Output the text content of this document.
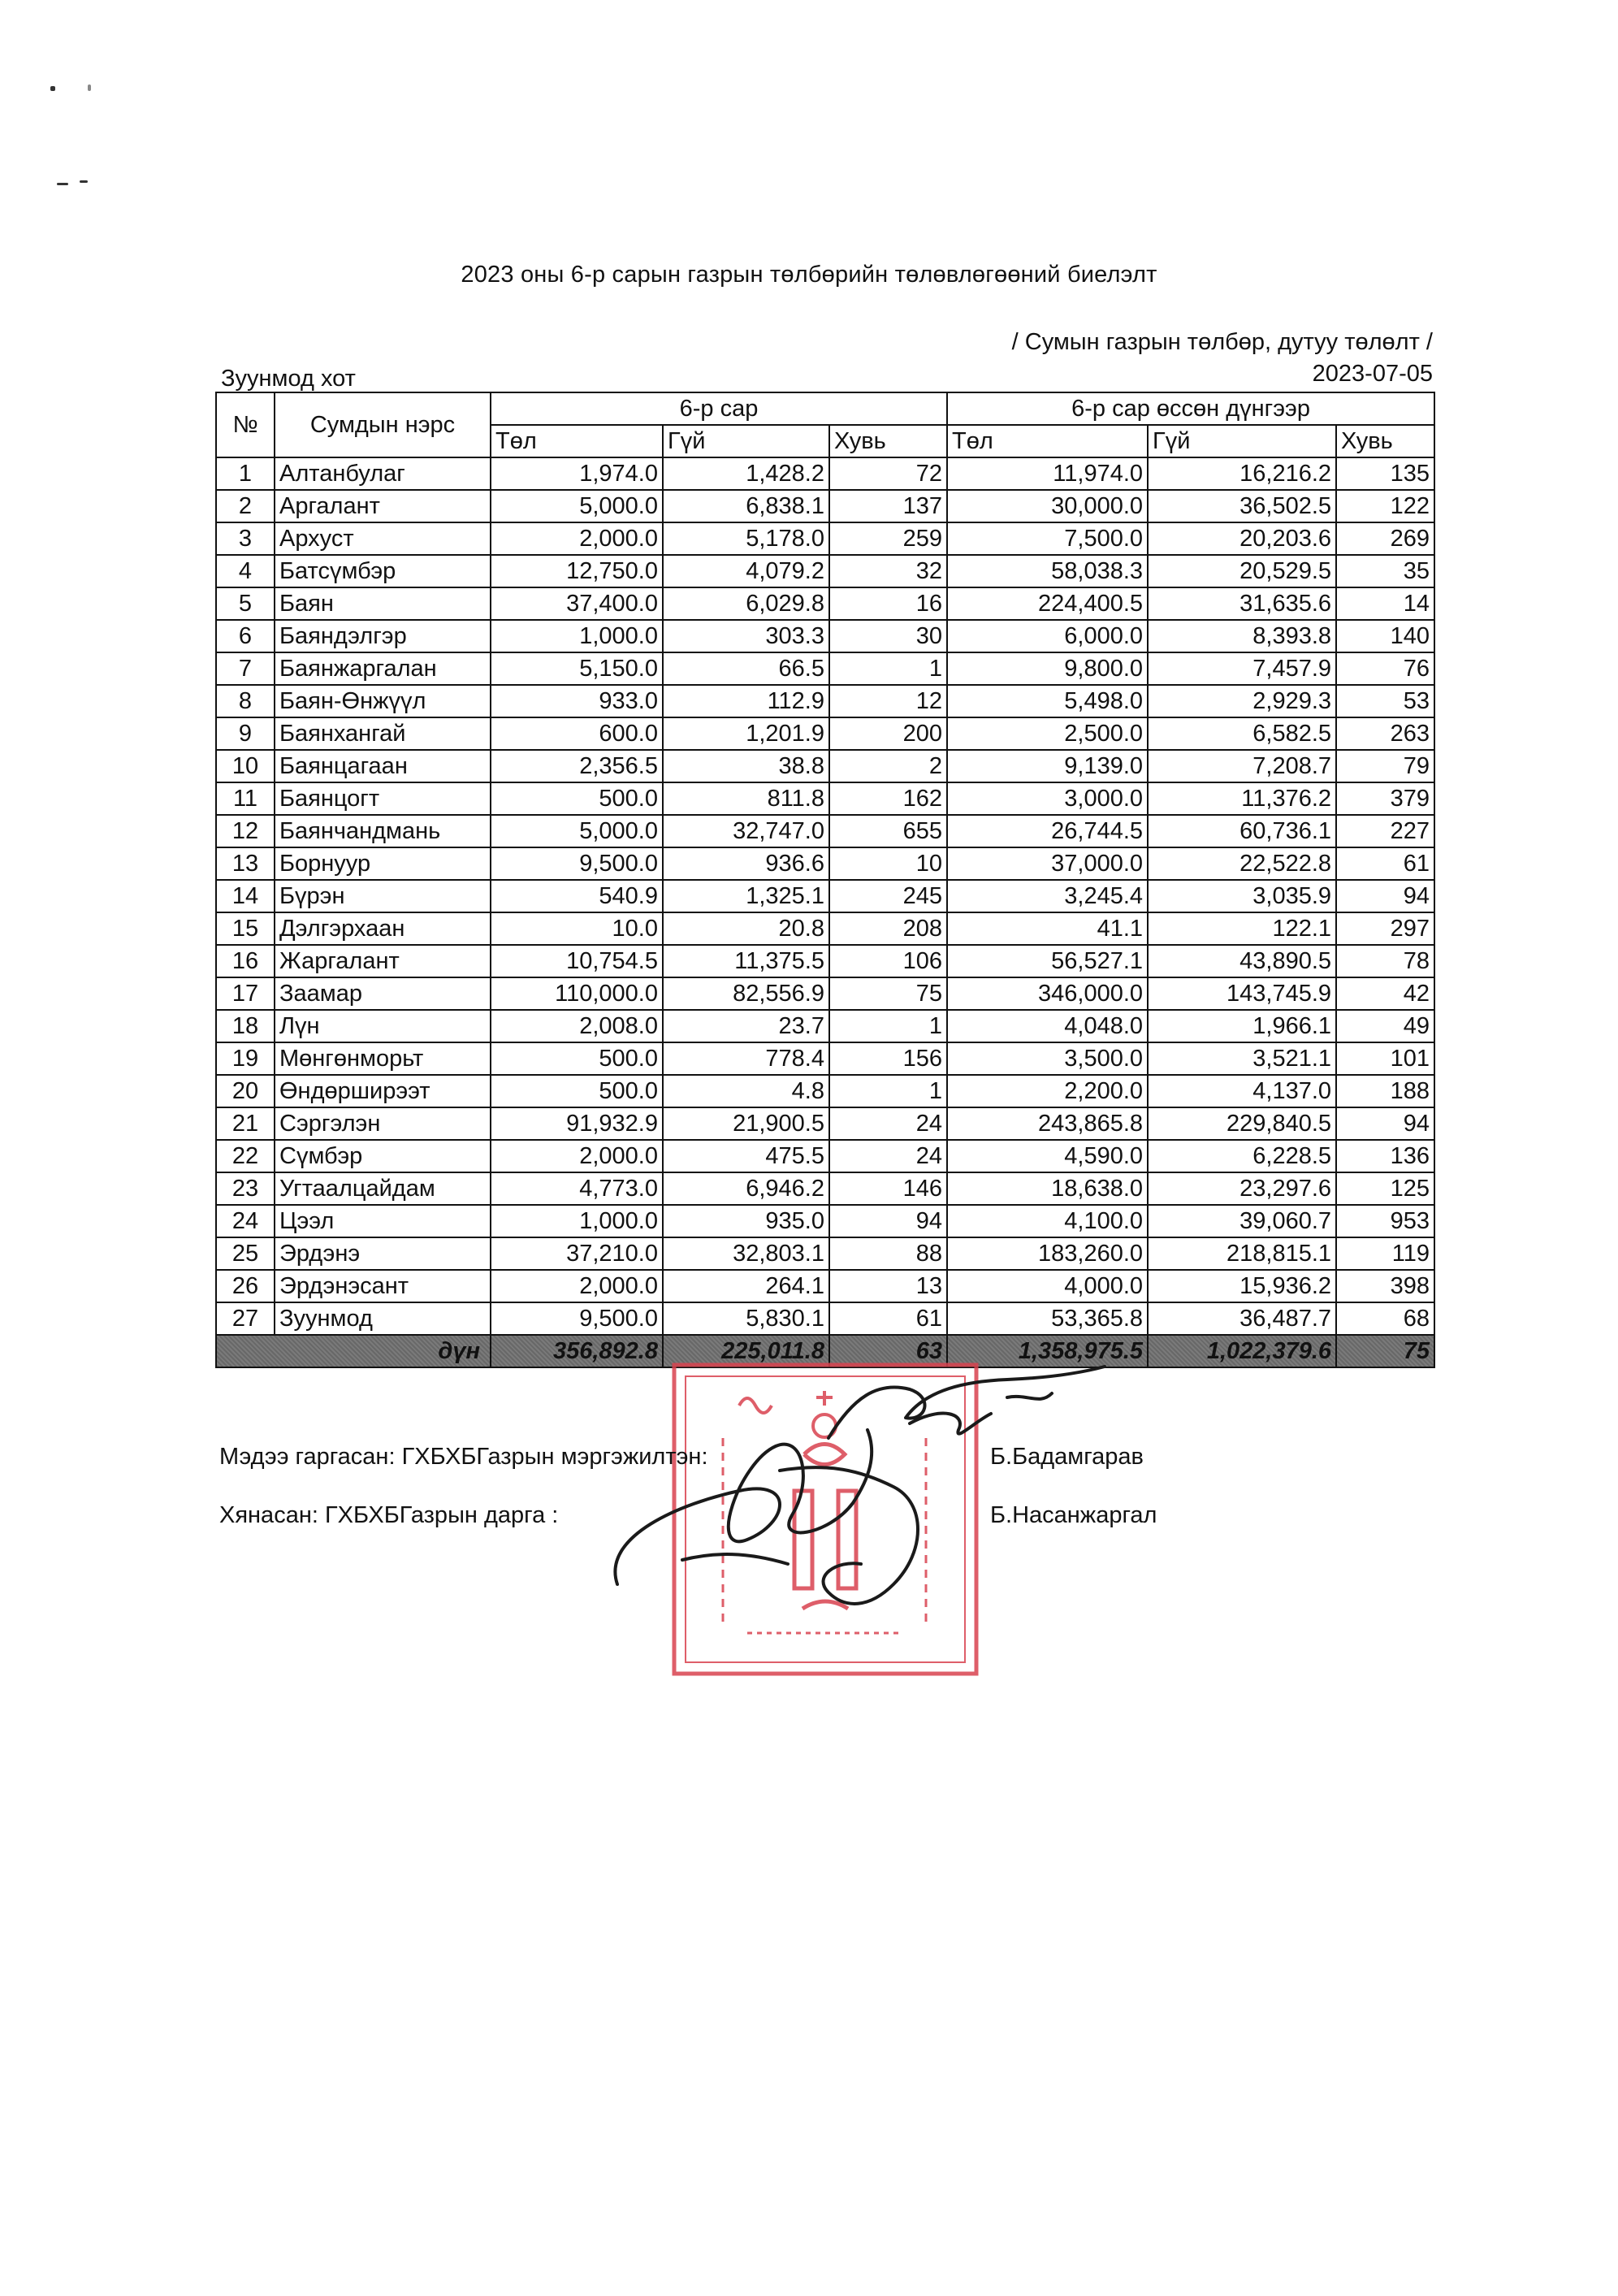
2023 оны 6-р сарын газрын төлбөрийн төлөвлөгөөний биелэлт
/ Сумын газрын төлбөр, дутуу төлөлт /
2023-07-05
Зуунмод хот
№	Сумдын нэрс	6-р сар			6-р сар өссөн дүнгээр		
		Төл	Гүй	Хувь	Төл	Гүй	Хувь
1	Алтанбулаг	1,974.0	1,428.2	72	11,974.0	16,216.2	135
2	Аргалант	5,000.0	6,838.1	137	30,000.0	36,502.5	122
3	Архуст	2,000.0	5,178.0	259	7,500.0	20,203.6	269
4	Батсүмбэр	12,750.0	4,079.2	32	58,038.3	20,529.5	35
5	Баян	37,400.0	6,029.8	16	224,400.5	31,635.6	14
6	Баяндэлгэр	1,000.0	303.3	30	6,000.0	8,393.8	140
7	Баянжаргалан	5,150.0	66.5	1	9,800.0	7,457.9	76
8	Баян-Өнжүүл	933.0	112.9	12	5,498.0	2,929.3	53
9	Баянхангай	600.0	1,201.9	200	2,500.0	6,582.5	263
10	Баянцагаан	2,356.5	38.8	2	9,139.0	7,208.7	79
11	Баянцогт	500.0	811.8	162	3,000.0	11,376.2	379
12	Баянчандмань	5,000.0	32,747.0	655	26,744.5	60,736.1	227
13	Борнуур	9,500.0	936.6	10	37,000.0	22,522.8	61
14	Бүрэн	540.9	1,325.1	245	3,245.4	3,035.9	94
15	Дэлгэрхаан	10.0	20.8	208	41.1	122.1	297
16	Жаргалант	10,754.5	11,375.5	106	56,527.1	43,890.5	78
17	Заамар	110,000.0	82,556.9	75	346,000.0	143,745.9	42
18	Лүн	2,008.0	23.7	1	4,048.0	1,966.1	49
19	Мөнгөнморьт	500.0	778.4	156	3,500.0	3,521.1	101
20	Өндөрширээт	500.0	4.8	1	2,200.0	4,137.0	188
21	Сэргэлэн	91,932.9	21,900.5	24	243,865.8	229,840.5	94
22	Сүмбэр	2,000.0	475.5	24	4,590.0	6,228.5	136
23	Угтаалцайдам	4,773.0	6,946.2	146	18,638.0	23,297.6	125
24	Цээл	1,000.0	935.0	94	4,100.0	39,060.7	953
25	Эрдэнэ	37,210.0	32,803.1	88	183,260.0	218,815.1	119
26	Эрдэнэсант	2,000.0	264.1	13	4,000.0	15,936.2	398
27	Зуунмод	9,500.0	5,830.1	61	53,365.8	36,487.7	68
дүн		356,892.8	225,011.8	63	1,358,975.5	1,022,379.6	75
Мэдээ гаргасан: ГХБХБГазрын мэргэжилтэн:	Б.Бадамгарав
Хянасан: ГХБХБГазрын дарга :	Б.Насанжаргал
